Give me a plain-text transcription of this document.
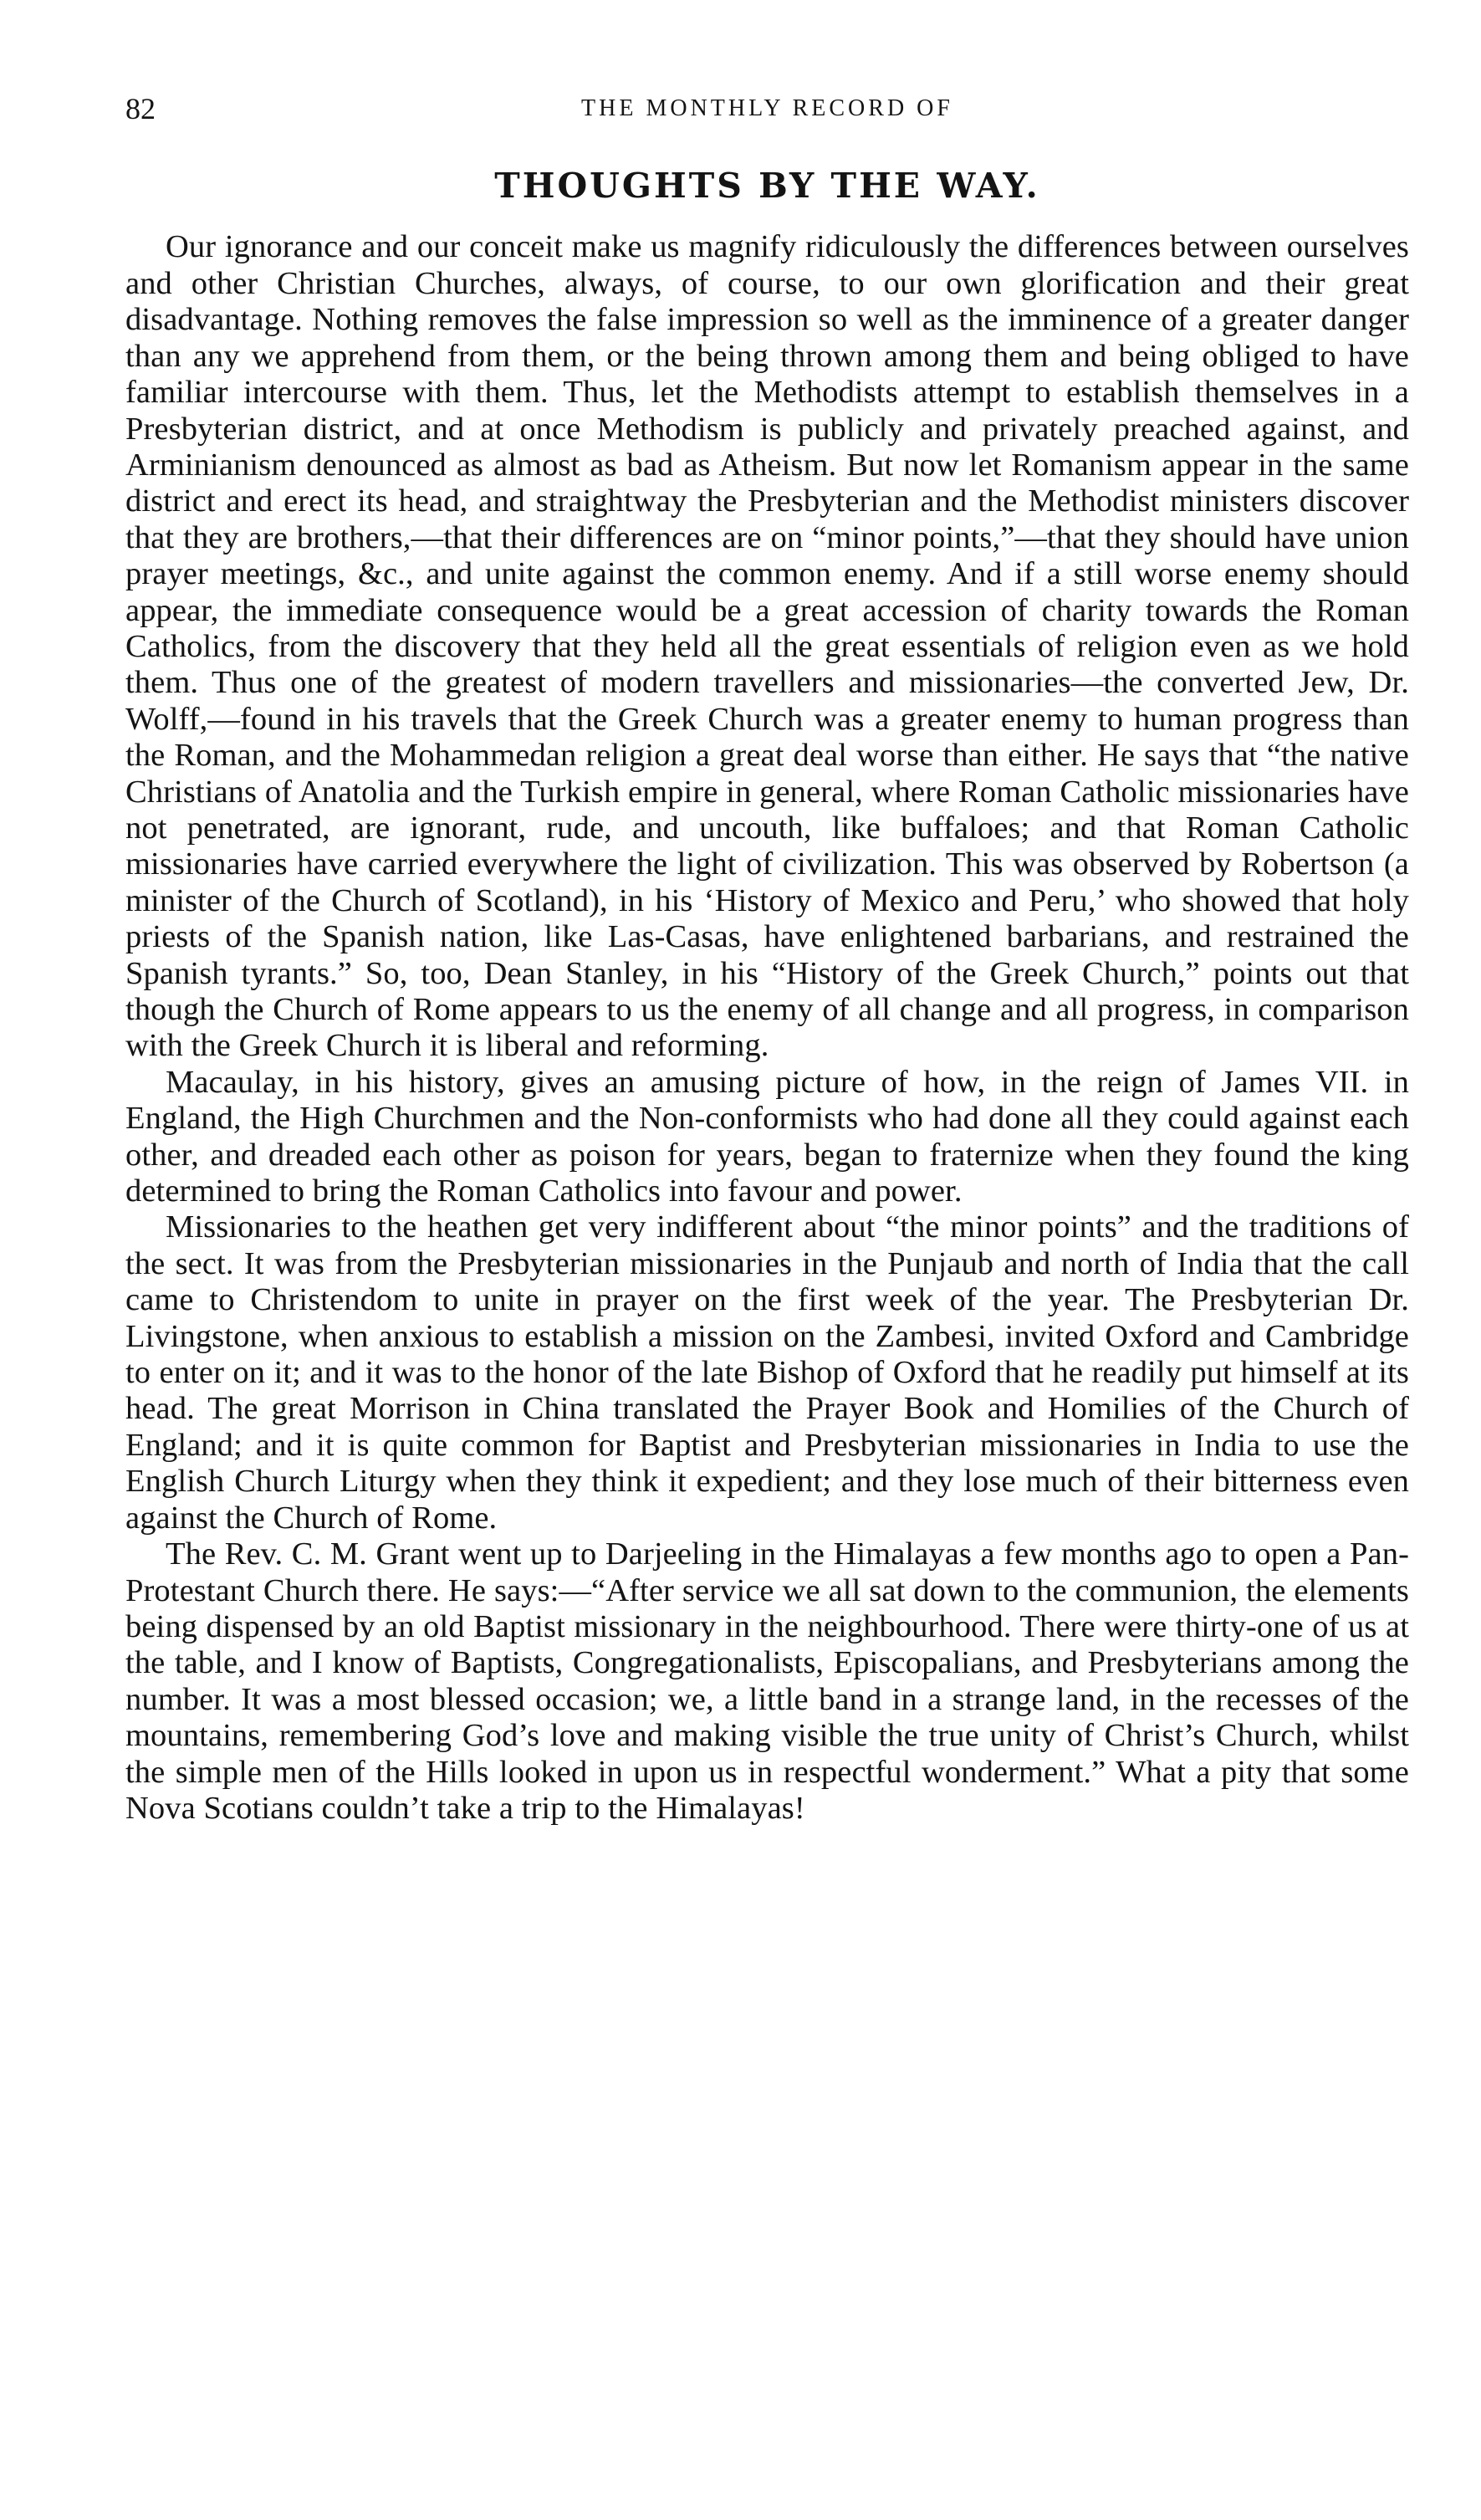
82	THE MONTHLY RECORD OF
THOUGHTS BY THE WAY.

Our ignorance and our conceit make us magnify ridiculously the differences between ourselves and other Christian Churches, always, of course, to our own glorification and their great disadvantage. Nothing removes the false impression so well as the imminence of a greater danger than any we apprehend from them, or the being thrown among them and being obliged to have familiar intercourse with them. Thus, let the Methodists attempt to establish themselves in a Presbyterian district, and at once Methodism is publicly and privately preached against, and Arminianism denounced as almost as bad as Atheism. But now let Romanism appear in the same district and erect its head, and straightway the Presbyterian and the Methodist ministers discover that they are brothers,—that their differences are on “minor points,”—that they should have union prayer meetings, &c., and unite against the common enemy. And if a still worse enemy should appear, the immediate consequence would be a great accession of charity towards the Roman Catholics, from the discovery that they held all the great essentials of religion even as we hold them. Thus one of the greatest of modern travellers and missionaries—the converted Jew, Dr. Wolff,—found in his travels that the Greek Church was a greater enemy to human progress than the Roman, and the Mohammedan religion a great deal worse than either. He says that “the native Christians of Anatolia and the Turkish empire in general, where Roman Catholic missionaries have not penetrated, are ignorant, rude, and uncouth, like buffaloes; and that Roman Catholic missionaries have carried everywhere the light of civilization. This was observed by Robertson (a minister of the Church of Scotland), in his ‘History of Mexico and Peru,’ who showed that holy priests of the Spanish nation, like Las-Casas, have enlightened barbarians, and restrained the Spanish tyrants.” So, too, Dean Stanley, in his “History of the Greek Church,” points out that though the Church of Rome appears to us the enemy of all change and all progress, in comparison with the Greek Church it is liberal and reforming.

Macaulay, in his history, gives an amusing picture of how, in the reign of James VII. in England, the High Churchmen and the Non-conformists who had done all they could against each other, and dreaded each other as poison for years, began to fraternize when they found the king determined to bring the Roman Catholics into favour and power.

Missionaries to the heathen get very indifferent about “the minor points” and the traditions of the sect. It was from the Presbyterian missionaries in the Punjaub and north of India that the call came to Christendom to unite in prayer on the first week of the year. The Presbyterian Dr. Livingstone, when anxious to establish a mission on the Zambesi, invited Oxford and Cambridge to enter on it; and it was to the honor of the late Bishop of Oxford that he readily put himself at its head. The great Morrison in China translated the Prayer Book and Homilies of the Church of England; and it is quite common for Baptist and Presbyterian missionaries in India to use the English Church Liturgy when they think it expedient; and they lose much of their bitterness even against the Church of Rome.

The Rev. C. M. Grant went up to Darjeeling in the Himalayas a few months ago to open a Pan-Protestant Church there. He says:—“After service we all sat down to the communion, the elements being dispensed by an old Baptist missionary in the neighbourhood. There were thirty-one of us at the table, and I know of Baptists, Congregationalists, Episcopalians, and Presbyterians among the number. It was a most blessed occasion; we, a little band in a strange land, in the recesses of the mountains, remembering God’s love and making visible the true unity of Christ’s Church, whilst the simple men of the Hills looked in upon us in respectful wonderment.” What a pity that some Nova Scotians couldn’t take a trip to the Himalayas!
